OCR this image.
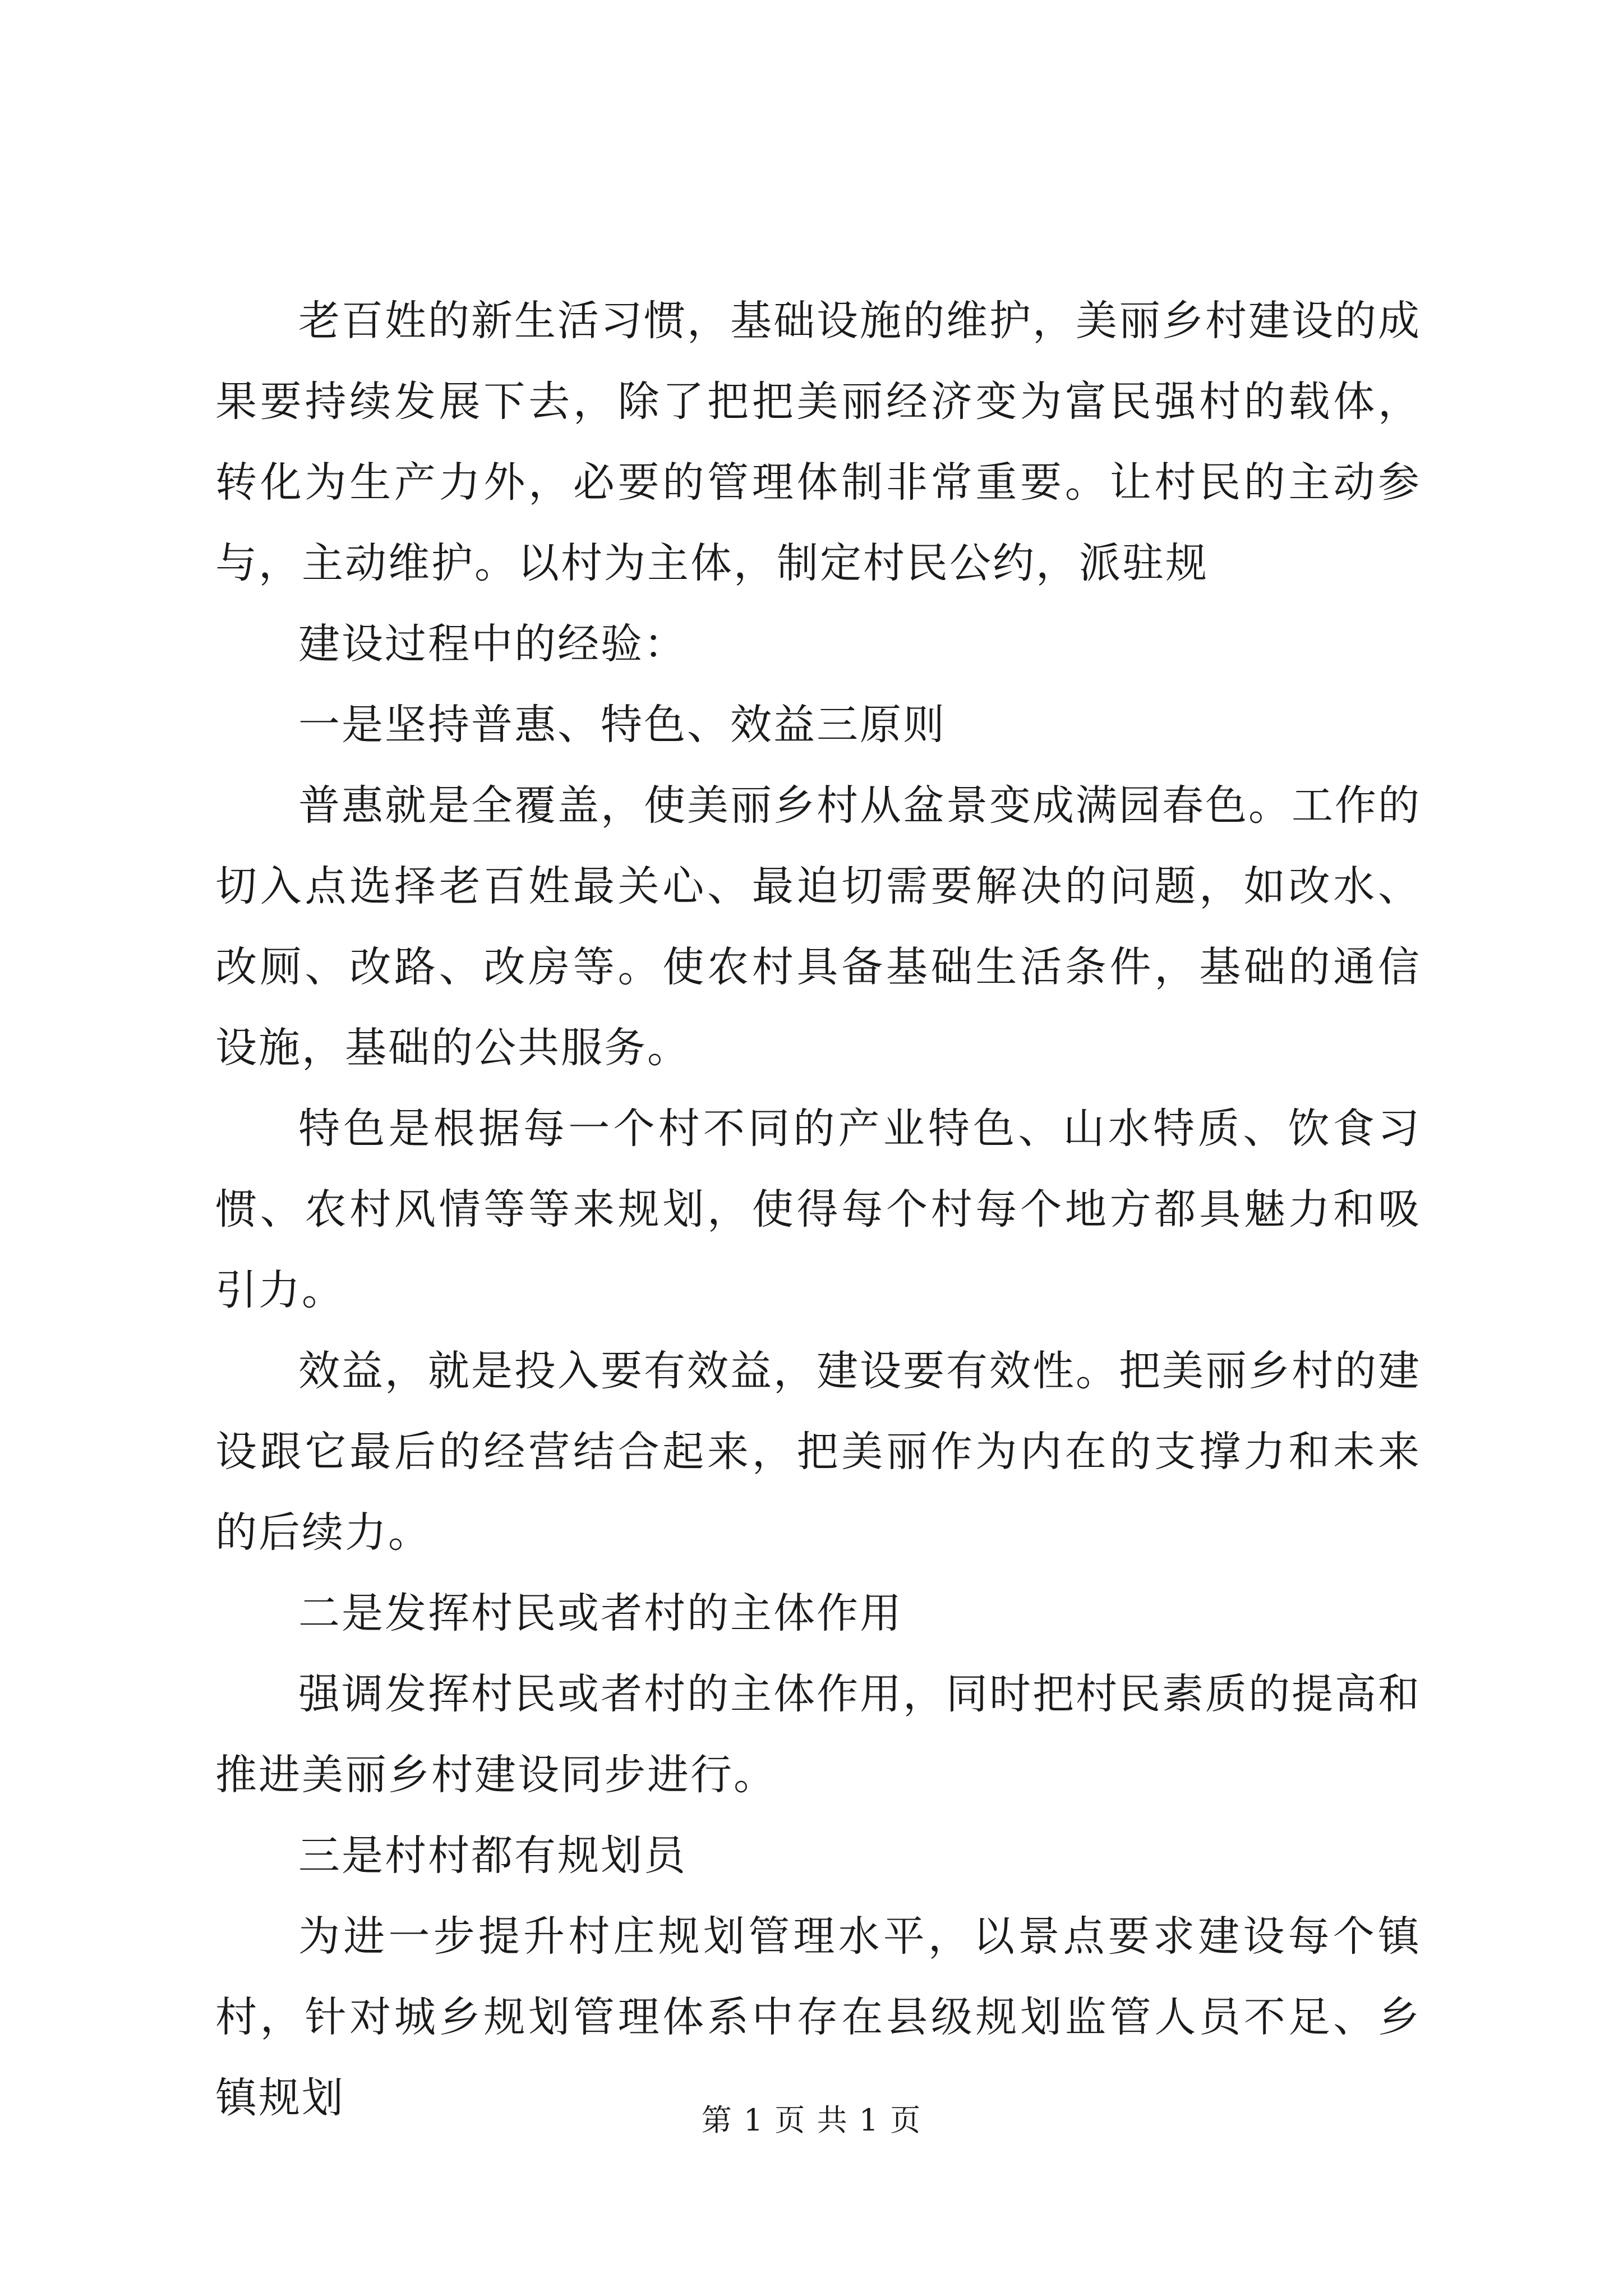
老百姓的新生活习惯，基础设施的维护，美丽乡村建设的成果要持续发展下去，除了把把美丽经济变为富民强村的载体，转化为生产力外，必要的管理体制非常重要。让村民的主动参与，主动维护。以村为主体，制定村民公约，派驻规

建设过程中的经验：

一是坚持普惠、特色、效益三原则

普惠就是全覆盖，使美丽乡村从盆景变成满园春色。工作的切入点选择老百姓最关心、最迫切需要解决的问题，如改水、改厕、改路、改房等。使农村具备基础生活条件，基础的通信设施，基础的公共服务。

特色是根据每一个村不同的产业特色、山水特质、饮食习惯、农村风情等等来规划，使得每个村每个地方都具魅力和吸引力。

效益，就是投入要有效益，建设要有效性。把美丽乡村的建设跟它最后的经营结合起来，把美丽作为内在的支撑力和未来的后续力。

二是发挥村民或者村的主体作用

强调发挥村民或者村的主体作用，同时把村民素质的提高和推进美丽乡村建设同步进行。

三是村村都有规划员

为进一步提升村庄规划管理水平，以景点要求建设每个镇村，针对城乡规划管理体系中存在县级规划监管人员不足、乡镇规划	第 1 页 共 1 页
